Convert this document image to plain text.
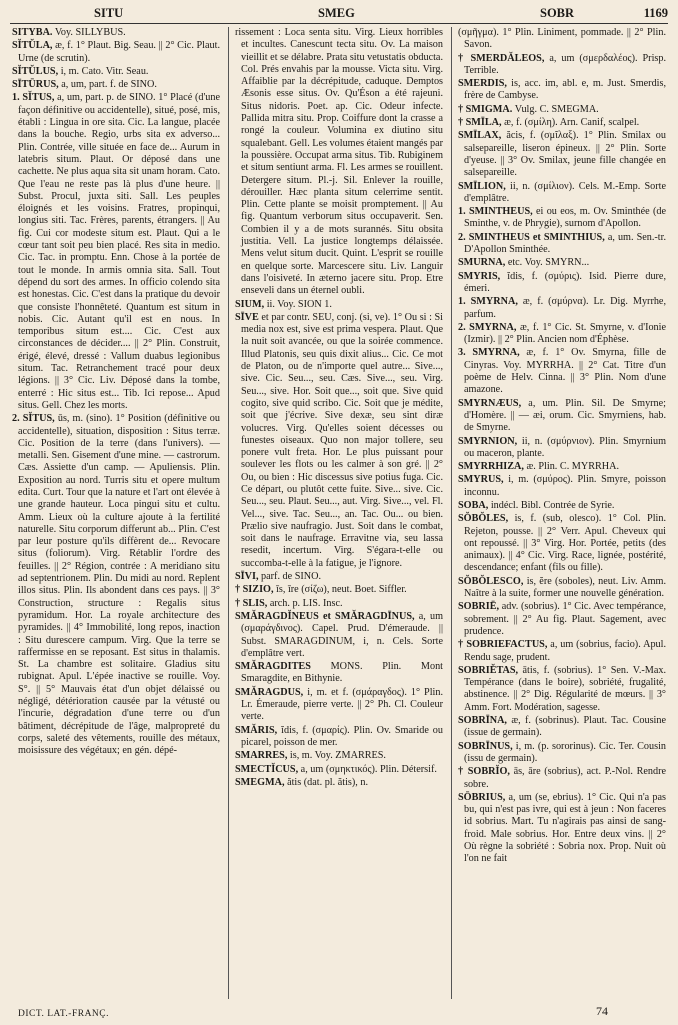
SITU	SMEG	SOBR	1169

SITYBA. Voy. SILLYBUS.

SĬTŬLA, æ, f. 1° Plaut. Big. Seau. || 2° Cic. Plaut. Urne (de scrutin).

SĬTŬLUS, i, m. Cato. Vitr. Seau.

SĪTŪRUS, a, um, part. f. de SINO.

1. SĬTUS, a, um, part. p. de SINO. 1° Placé (d'une façon définitive ou accidentelle), situé, posé, mis, établi : Lingua in ore sita. Cic. La langue, placée dans la bouche. Regio, urbs sita ex adverso... Plin. Contrée, ville située en face de... Aurum in latebris situm. Plaut. Or déposé dans une cachette. Ne plus aqua sita sit unam horam. Cato. Que l'eau ne reste pas là plus d'une heure. || Subst. Procul, juxta siti. Sall. Les peuples éloignés et les voisins. Fratres, propinqui, longius siti. Tac. Frères, parents, étrangers. || Au fig. Cui cor modeste situm est. Plaut. Qui a le cœur tant soit peu bien placé. Res sita in medio. Cic. Tac. in promptu. Enn. Chose à la portée de tout le monde. In armis omnia sita. Sall. Tout dépend du sort des armes. In officio colendo sita est honestas. Cic. C'est dans la pratique du devoir que consiste l'honnêteté. Quantum est situm in nobis. Cic. Autant qu'il est en nous. In temporibus situm est.... Cic. C'est aux circonstances de décider.... || 2° Plin. Construit, érigé, élevé, dressé : Vallum duabus legionibus situm. Tac. Retranchement tracé pour deux légions. || 3° Cic. Liv. Déposé dans la tombe, enterré : Hic situs est... Tib. Ici repose... Apud situs. Gell. Chez les morts.

2. SĬTUS, ūs, m. (sino). 1° Position (définitive ou accidentelle), situation, disposition : Situs terræ. Cic. Position de la terre (dans l'univers). — metalli. Sen. Gisement d'une mine. — castrorum. Cæs. Assiette d'un camp. — Apuliensis. Plin. Exposition au nord. Turris situ et opere multum edita. Curt. Tour que la nature et l'art ont élevée à une grande hauteur. Loca pingui situ et cultu. Amm. Lieux où la culture ajoute à la fertilité naturelle. Situ corporum differunt ab... Plin. C'est par leur posture qu'ils diffèrent de... Revocare situs (foliorum). Virg. Rétablir l'ordre des feuilles. || 2° Région, contrée : A meridiano situ ad septentrionem. Plin. Du midi au nord. Replent illos situs. Plin. Ils abondent dans ces pays. || 3° Construction, structure : Regalis situs pyramidum. Hor. La royale architecture des pyramides. || 4° Immobilité, long repos, inaction : Situ durescere campum. Virg. Que la terre se raffermisse en se reposant. Est situs in thalamis. St. La chambre est solitaire. Gladius situ rubignat. Apul. L'épée inactive se rouille. Voy. S°. || 5° Mauvais état d'un objet délaissé ou négligé, détérioration causée par la vétusté ou l'incurie, dégradation d'une terre ou d'un bâtiment, décrépitude de l'âge, malpropreté du corps, saleté des vêtements, rouille des métaux, moisissure des végétaux; en gén. dépé-

rissement : Loca senta situ. Virg. Lieux horribles et incultes. Canescunt tecta situ. Ov. La maison vieillit et se délabre. Prata situ vetustatis obducta. Col. Prés envahis par la mousse. Victa situ. Virg. Affaiblie par la décrépitude, caduque. Demptos Æsonis esse situs. Ov. Qu'Éson a été rajeuni. Situs nidoris. Poet. ap. Cic. Odeur infecte. Pallida mitra situ. Prop. Coiffure dont la crasse a rongé la couleur. Volumina ex diutino situ squalebant. Gell. Les volumes étaient mangés par la poussière. Occupat arma situs. Tib. Rubiginem et situm sentiunt arma. Fl. Les armes se rouillent. Detergere situm. Pl.-j. Sil. Enlever la rouille, dérouiller. Hæc planta situm celerrime sentit. Plin. Cette plante se moisit promptement. || Au fig. Quantum verborum situs occupaverit. Sen. Combien il y a de mots surannés. Situ obsita justitia. Vell. La justice longtemps délaissée. Mens velut situm ducit. Quint. L'esprit se rouille en quelque sorte. Marcescere situ. Liv. Languir dans l'oisiveté. In æterno jacere situ. Prop. Etre enseveli dans un éternel oubli.

SIUM, ii. Voy. SION 1.

SĪVE et par contr. SEU, conj. (si, ve). 1° Ou si : Si media nox est, sive est prima vespera. Plaut. Que la nuit soit avancée, ou que la soirée commence. Illud Platonis, seu quis dixit alius... Cic. Ce mot de Platon, ou de n'importe quel autre... Sive..., sive. Cic. Seu..., seu. Cæs. Sive..., seu. Virg. Seu..., sive. Hor. Soit que..., soit que. Sive quid cogito, sive quid scribo. Cic. Soit que je médite, soit que j'écrive. Sive dexæ, seu sint diræ volucres. Virg. Qu'elles soient décesses ou funestes oiseaux. Quo non major tollere, seu ponere vult freta. Hor. Le plus puissant pour soulever les flots ou les calmer à son gré. || 2° Ou, ou bien : Hic discessus sive potius fuga. Cic. Ce départ, ou plutôt cette fuite. Sive... sive. Cic. Seu..., seu. Plaut. Seu..., aut. Virg. Sive..., vel. Fl. Vel..., sive. Tac. Seu..., an. Tac. Ou... ou bien. Prælio sive naufragio. Just. Soit dans le combat, soit dans le naufrage. Erravitne via, seu lassa resedit, incertum. Virg. S'égara-t-elle ou succomba-t-elle à la fatigue, je l'ignore.

SĪVI, parf. de SINO.

† SIZIO, īs, īre (σίζω), neut. Boet. Siffler.

† SLIS, arch. p. LIS. Insc.

SMĂRAGDĬNEUS et SMĂRAGDĪNUS, a, um (σμαράγδινος). Capel. Prud. D'émeraude. || Subst. SMARAGDINUM, i, n. Cels. Sorte d'emplâtre vert.

SMĂRAGDITES MONS. Plin. Mont Smaragdite, en Bithynie.

SMĂRAGDUS, i, m. et f. (σμάραγδος). 1° Plin. Lr. Émeraude, pierre verte. || 2° Ph. Cl. Couleur verte.

SMĂRIS, ĭdis, f. (σμαρίς). Plin. Ov. Smaride ou picarel, poisson de mer.

SMARRES, is, m. Voy. ZMARRES.

SMECTĬCUS, a, um (σμηκτικός). Plin. Détersif.

SMEGMA, ătis (dat. pl. ătis), n.

(σμῆγμα). 1° Plin. Liniment, pommade. || 2° Plin. Savon.

† SMERDĂLEOS, a, um (σμερδαλέος). Prisp. Terrible.

SMERDIS, is, acc. im, abl. e, m. Just. Smerdis, frère de Cambyse.

† SMIGMA. Vulg. C. SMEGMA.

† SMĪLA, æ, f. (σμίλη). Arn. Canif, scalpel.

SMĪLAX, ăcis, f. (σμῖλαξ). 1° Plin. Smilax ou salsepareille, liseron épineux. || 2° Plin. Sorte d'yeuse. || 3° Ov. Smilax, jeune fille changée en salsepareille.

SMĪLION, ii, n. (σμίλιον). Cels. M.-Emp. Sorte d'emplâtre.

1. SMINTHEUS, ei ou eos, m. Ov. Sminthée (de Sminthe, v. de Phrygie), surnom d'Apollon.

2. SMINTHEUS et SMINTHIUS, a, um. Sen.-tr. D'Apollon Sminthée.

SMURNA, etc. Voy. SMYRN...

SMYRIS, ĭdis, f. (σμύρις). Isid. Pierre dure, émeri.

1. SMYRNA, æ, f. (σμύρνα). Lr. Dig. Myrrhe, parfum.

2. SMYRNA, æ, f. 1° Cic. St. Smyrne, v. d'Ionie (Izmir). || 2° Plin. Ancien nom d'Éphèse.

3. SMYRNA, æ, f. 1° Ov. Smyrna, fille de Cinyras. Voy. MYRRHA. || 2° Cat. Titre d'un poème de Helv. Cinna. || 3° Plin. Nom d'une amazone.

SMYRNÆUS, a, um. Plin. Sil. De Smyrne; d'Homère. || — æi, orum. Cic. Smyrniens, hab. de Smyrne.

SMYRNION, ii, n. (σμύρνιον). Plin. Smyrnium ou maceron, plante.

SMYRRHIZA, æ. Plin. C. MYRRHA.

SMYRUS, i, m. (σμύρος). Plin. Smyre, poisson inconnu.

SOBA, indécl. Bibl. Contrée de Syrie.

SŎBŎLES, is, f. (sub, olesco). 1° Col. Plin. Rejeton, pousse. || 2° Verr. Apul. Cheveux qui ont repoussé. || 3° Virg. Hor. Portée, petits (des animaux). || 4° Cic. Virg. Race, lignée, postérité, descendance; enfant (fils ou fille).

SŎBŎLESCO, is, ĕre (soboles), neut. Liv. Amm. Naître à la suite, former une nouvelle génération.

SOBRIĒ, adv. (sobrius). 1° Cic. Avec tempérance, sobrement. || 2° Au fig. Plaut. Sagement, avec prudence.

† SOBRIEFACTUS, a, um (sobrius, facio). Apul. Rendu sage, prudent.

SOBRIĔTAS, ātis, f. (sobrius). 1° Sen. V.-Max. Tempérance (dans le boire), sobriété, frugalité, abstinence. || 2° Dig. Régularité de mœurs. || 3° Amm. Fort. Modération, sagesse.

SOBRĪNA, æ, f. (sobrinus). Plaut. Tac. Cousine (issue de germain).

SOBRĪNUS, i, m. (p. sororinus). Cic. Ter. Cousin (issu de germain).

† SOBRĬO, ās, āre (sobrius), act. P.-Nol. Rendre sobre.

SŌBRIUS, a, um (se, ebrius). 1° Cic. Qui n'a pas bu, qui n'est pas ivre, qui est à jeun : Non faceres id sobrius. Mart. Tu n'agirais pas ainsi de sang-froid. Male sobrius. Hor. Entre deux vins. || 2° Où règne la sobriété : Sobria nox. Prop. Nuit où l'on ne fait

DICT. LAT.-FRANÇ.	74
